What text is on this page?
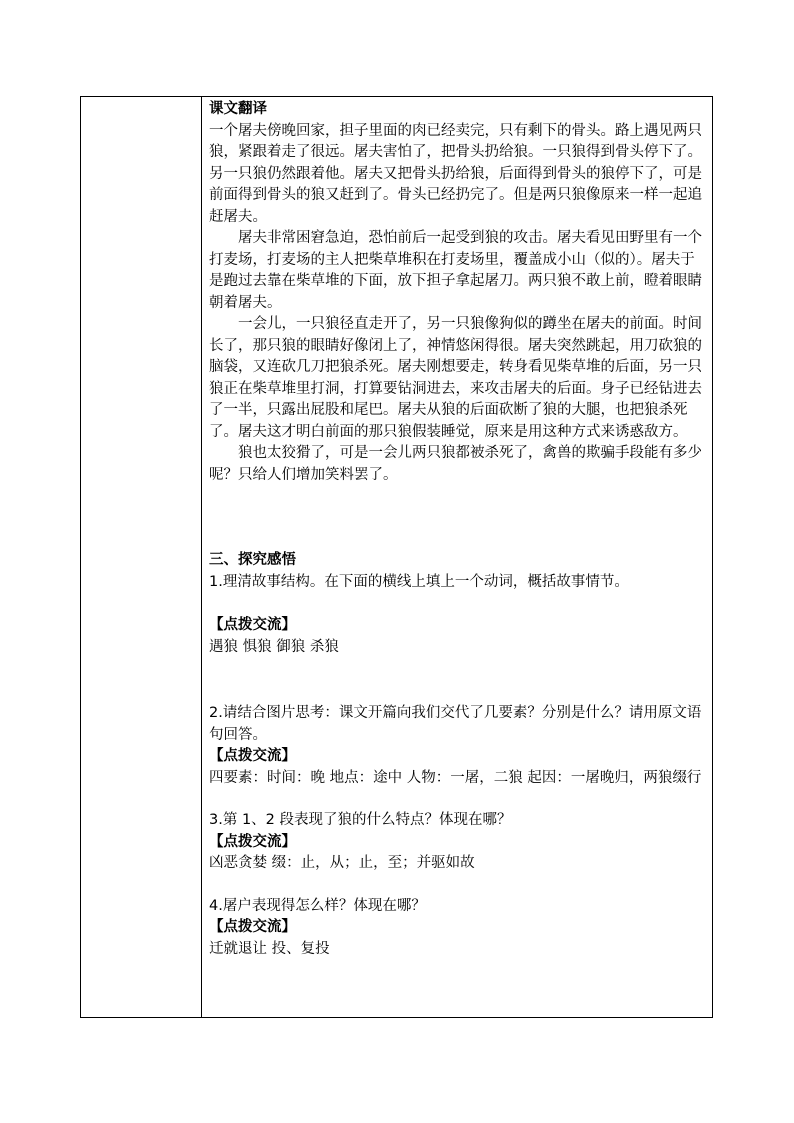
课文翻译

一个屠夫傍晚回家，担子里面的肉已经卖完，只有剩下的骨头。路上遇见两只狼，紧跟着走了很远。屠夫害怕了，把骨头扔给狼。一只狼得到骨头停下了。另一只狼仍然跟着他。屠夫又把骨头扔给狼，后面得到骨头的狼停下了，可是前面得到骨头的狼又赶到了。骨头已经扔完了。但是两只狼像原来一样一起追赶屠夫。

屠夫非常困窘急迫，恐怕前后一起受到狼的攻击。屠夫看见田野里有一个打麦场，打麦场的主人把柴草堆积在打麦场里，覆盖成小山（似的）。屠夫于是跑过去靠在柴草堆的下面，放下担子拿起屠刀。两只狼不敢上前，瞪着眼睛朝着屠夫。

一会儿，一只狼径直走开了，另一只狼像狗似的蹲坐在屠夫的前面。时间长了，那只狼的眼睛好像闭上了，神情悠闲得很。屠夫突然跳起，用刀砍狼的脑袋，又连砍几刀把狼杀死。屠夫刚想要走，转身看见柴草堆的后面，另一只狼正在柴草堆里打洞，打算要钻洞进去，来攻击屠夫的后面。身子已经钻进去了一半，只露出屁股和尾巴。屠夫从狼的后面砍断了狼的大腿，也把狼杀死了。屠夫这才明白前面的那只狼假装睡觉，原来是用这种方式来诱惑敌方。

狼也太狡猾了，可是一会儿两只狼都被杀死了，禽兽的欺骗手段能有多少呢？只给人们增加笑料罢了。

三、探究感悟

1.理清故事结构。在下面的横线上填上一个动词，概括故事情节。

【点拨交流】

遇狼 惧狼 御狼 杀狼

2.请结合图片思考：课文开篇向我们交代了几要素？分别是什么？请用原文语句回答。

【点拨交流】

四要素：时间：晚 地点：途中 人物：一屠，二狼 起因：一屠晚归，两狼缀行

3.第 1、2 段表现了狼的什么特点？体现在哪？

【点拨交流】

凶恶贪婪 缀：止，从；止，至；并驱如故

4.屠户表现得怎么样？体现在哪？

【点拨交流】

迁就退让 投、复投
